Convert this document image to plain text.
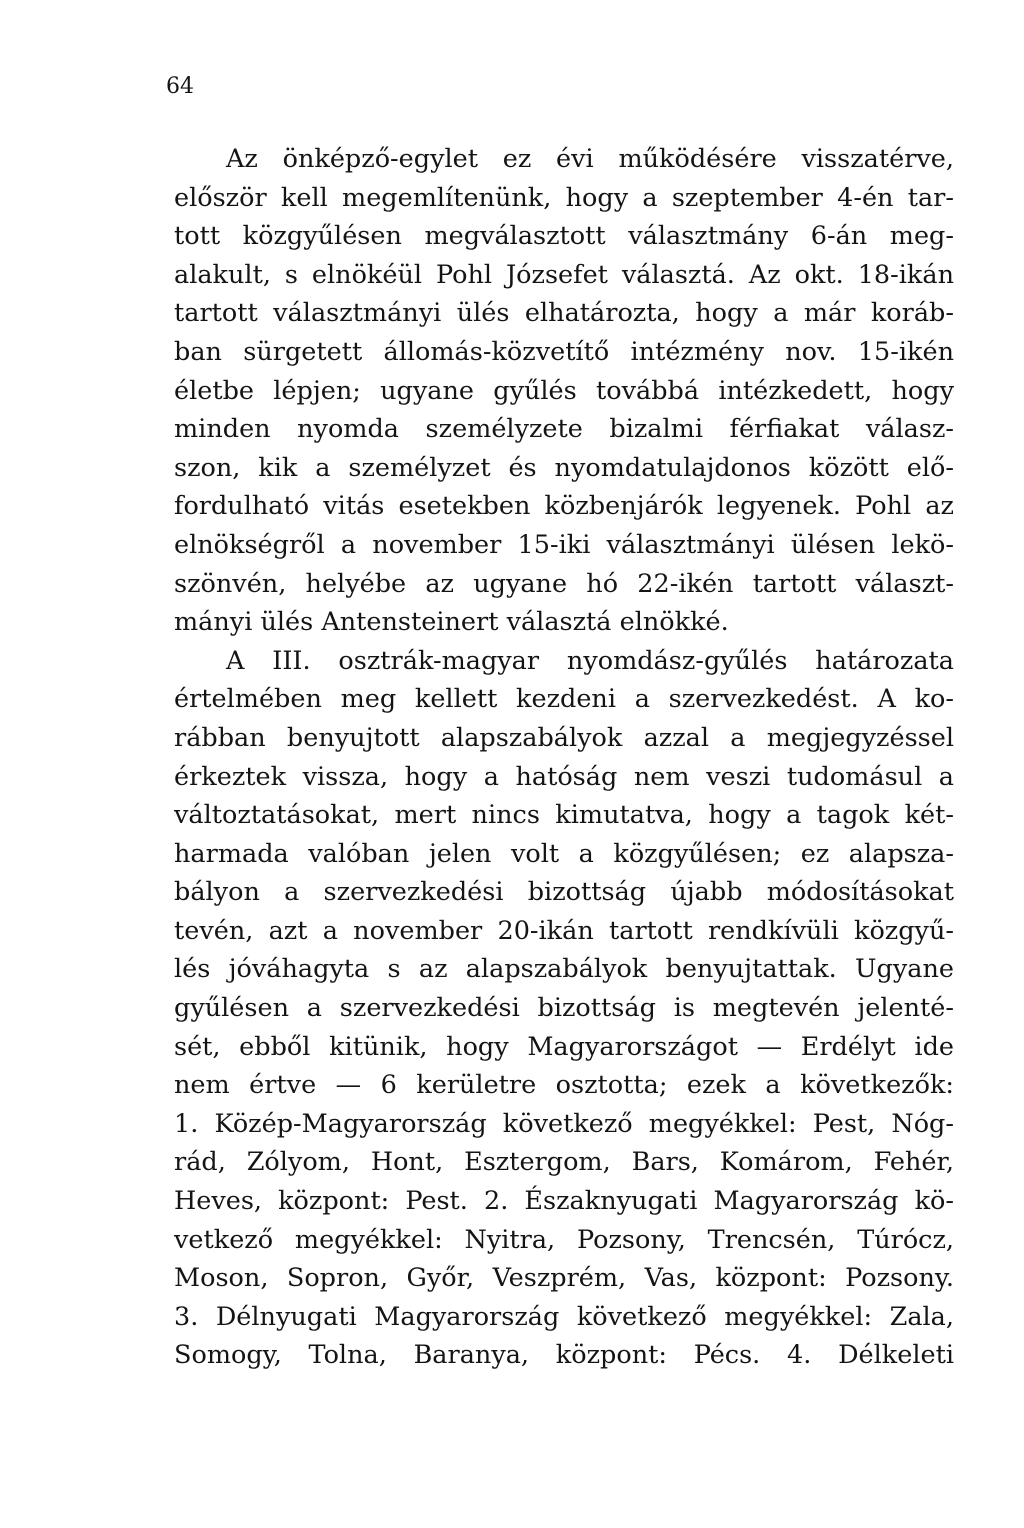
64
Az önképző-egylet ez évi működésére visszatérve,
először kell megemlítenünk, hogy a szeptember 4-én tar-
tott közgyűlésen megválasztott választmány 6-án meg-
alakult, s elnökéül Pohl Józsefet választá. Az okt. 18-ikán
tartott választmányi ülés elhatározta, hogy a már koráb-
ban sürgetett állomás-közvetítő intézmény nov. 15-ikén
életbe lépjen; ugyane gyűlés továbbá intézkedett, hogy
minden nyomda személyzete bizalmi férfiakat válasz-
szon, kik a személyzet és nyomdatulajdonos között elő-
fordulható vitás esetekben közbenjárók legyenek. Pohl az
elnökségről a november 15-iki választmányi ülésen lekö-
szönvén, helyébe az ugyane hó 22-ikén tartott választ-
mányi ülés Antensteinert választá elnökké.
A III. osztrák-magyar nyomdász-gyűlés határozata
értelmében meg kellett kezdeni a szervezkedést. A ko-
rábban benyujtott alapszabályok azzal a megjegyzéssel
érkeztek vissza, hogy a hatóság nem veszi tudomásul a
változtatásokat, mert nincs kimutatva, hogy a tagok két-
harmada valóban jelen volt a közgyűlésen; ez alapsza-
bályon a szervezkedési bizottság újabb módosításokat
tevén, azt a november 20-ikán tartott rendkívüli közgyű-
lés jóváhagyta s az alapszabályok benyujtattak. Ugyane
gyűlésen a szervezkedési bizottság is megtevén jelenté-
sét, ebből kitünik, hogy Magyarországot — Erdélyt ide
nem értve — 6 kerületre osztotta; ezek a következők:
1. Közép-Magyarország következő megyékkel: Pest, Nóg-
rád, Zólyom, Hont, Esztergom, Bars, Komárom, Fehér,
Heves, központ: Pest. 2. Északnyugati Magyarország kö-
vetkező megyékkel: Nyitra, Pozsony, Trencsén, Túrócz,
Moson, Sopron, Győr, Veszprém, Vas, központ: Pozsony.
3. Délnyugati Magyarország következő megyékkel: Zala,
Somogy, Tolna, Baranya, központ: Pécs. 4. Délkeleti
